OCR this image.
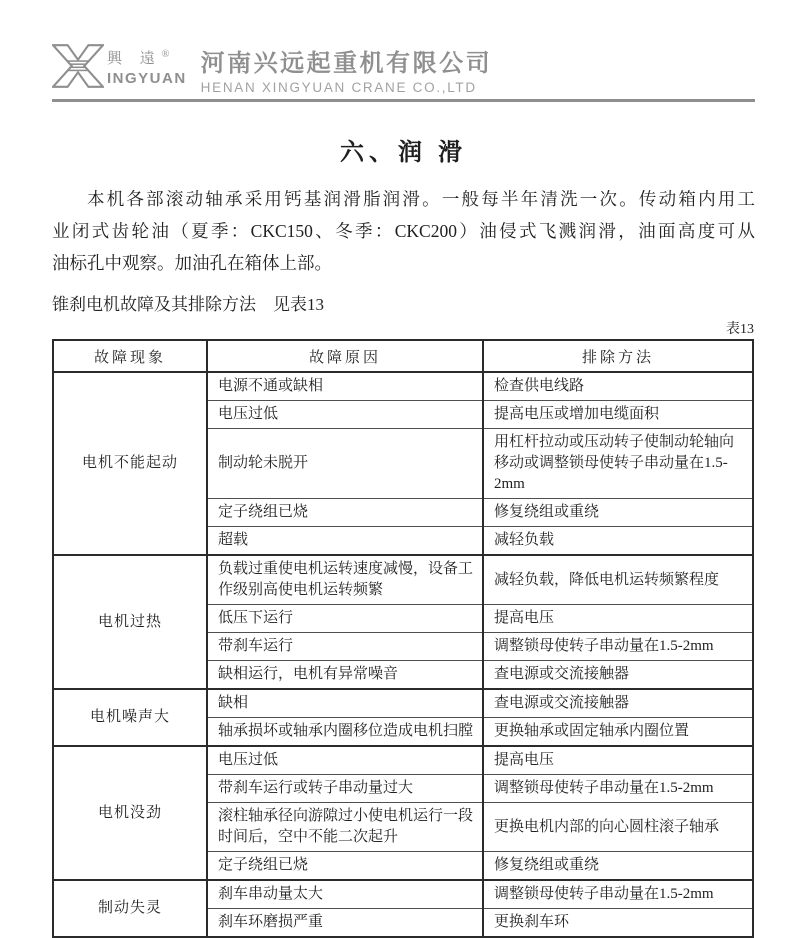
興 遠®
INGYUAN
河南兴远起重机有限公司
HENAN XINGYUAN CRANE CO.,LTD
六、润 滑
本机各部滚动轴承采用钙基润滑脂润滑。一般每半年清洗一次。传动箱内用工
业闭式齿轮油（夏季：CKC150、冬季：CKC200）油侵式飞溅润滑，油面高度可从
油标孔中观察。加油孔在箱体上部。
锥刹电机故障及其排除方法　见表13
表13
故障现象	故障原因	排除方法
电机不能起动	电源不通或缺相	检查供电线路
	电压过低	提高电压或增加电缆面积
	制动轮未脱开	用杠杆拉动或压动转子使制动轮轴向移动或调整锁母使转子串动量在1.5-2mm
	定子绕组已烧	修复绕组或重绕
	超载	减轻负载
电机过热	负载过重使电机运转速度减慢，设备工作级别高使电机运转频繁	减轻负载，降低电机运转频繁程度
	低压下运行	提高电压
	带刹车运行	调整锁母使转子串动量在1.5-2mm
	缺相运行，电机有异常噪音	查电源或交流接触器
电机噪声大	缺相	查电源或交流接触器
	轴承损坏或轴承内圈移位造成电机扫膛	更换轴承或固定轴承内圈位置
电机没劲	电压过低	提高电压
	带刹车运行或转子串动量过大	调整锁母使转子串动量在1.5-2mm
	滚柱轴承径向游隙过小使电机运行一段时间后，空中不能二次起升	更换电机内部的向心圆柱滚子轴承
	定子绕组已烧	修复绕组或重绕
制动失灵	刹车串动量太大	调整锁母使转子串动量在1.5-2mm
	刹车环磨损严重	更换刹车环
